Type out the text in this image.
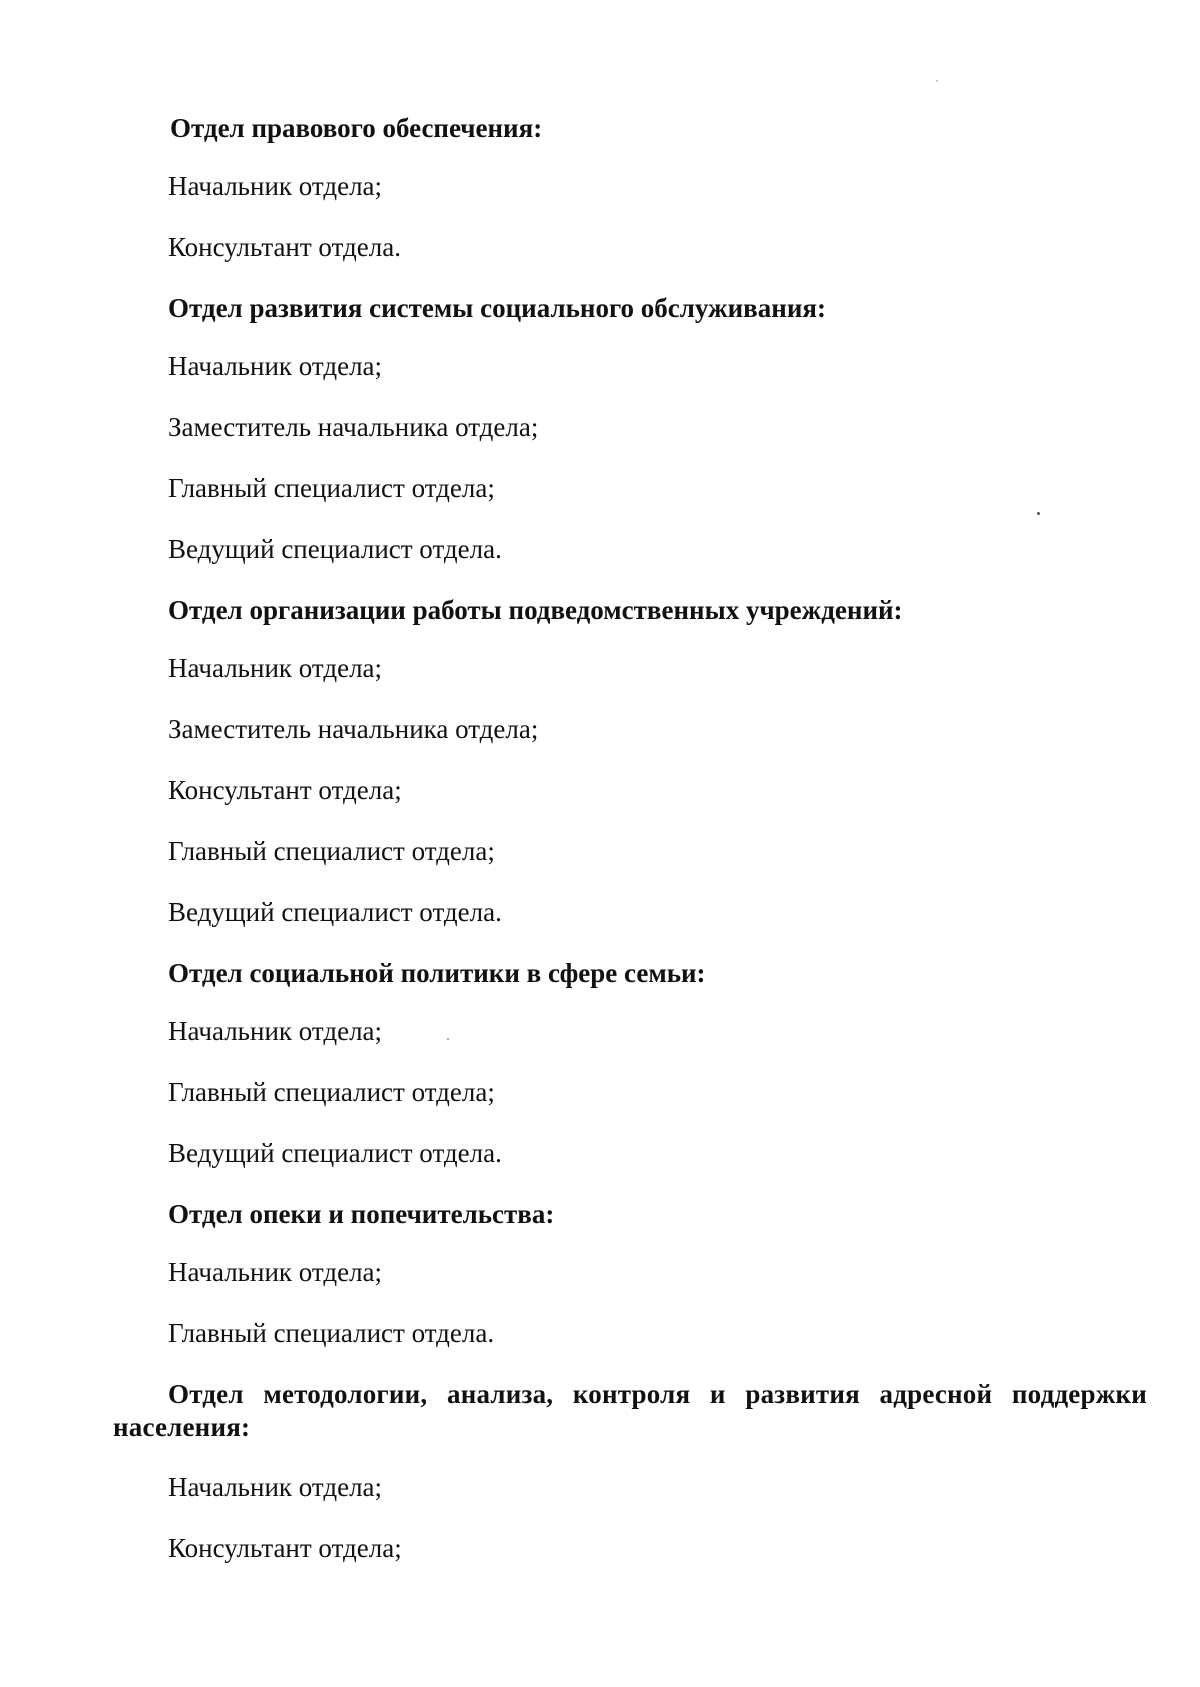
Отдел правового обеспечения:

Начальник отдела;

Консультант отдела.

Отдел развития системы социального обслуживания:

Начальник отдела;

Заместитель начальника отдела;

Главный специалист отдела;

Ведущий специалист отдела.

Отдел организации работы подведомственных учреждений:

Начальник отдела;

Заместитель начальника отдела;

Консультант отдела;

Главный специалист отдела;

Ведущий специалист отдела.

Отдел социальной политики в сфере семьи:

Начальник отдела;

Главный специалист отдела;

Ведущий специалист отдела.

Отдел опеки и попечительства:

Начальник отдела;

Главный специалист отдела.

Отдел методологии, анализа, контроля и развития адресной поддержки населения:

Начальник отдела;

Консультант отдела;
